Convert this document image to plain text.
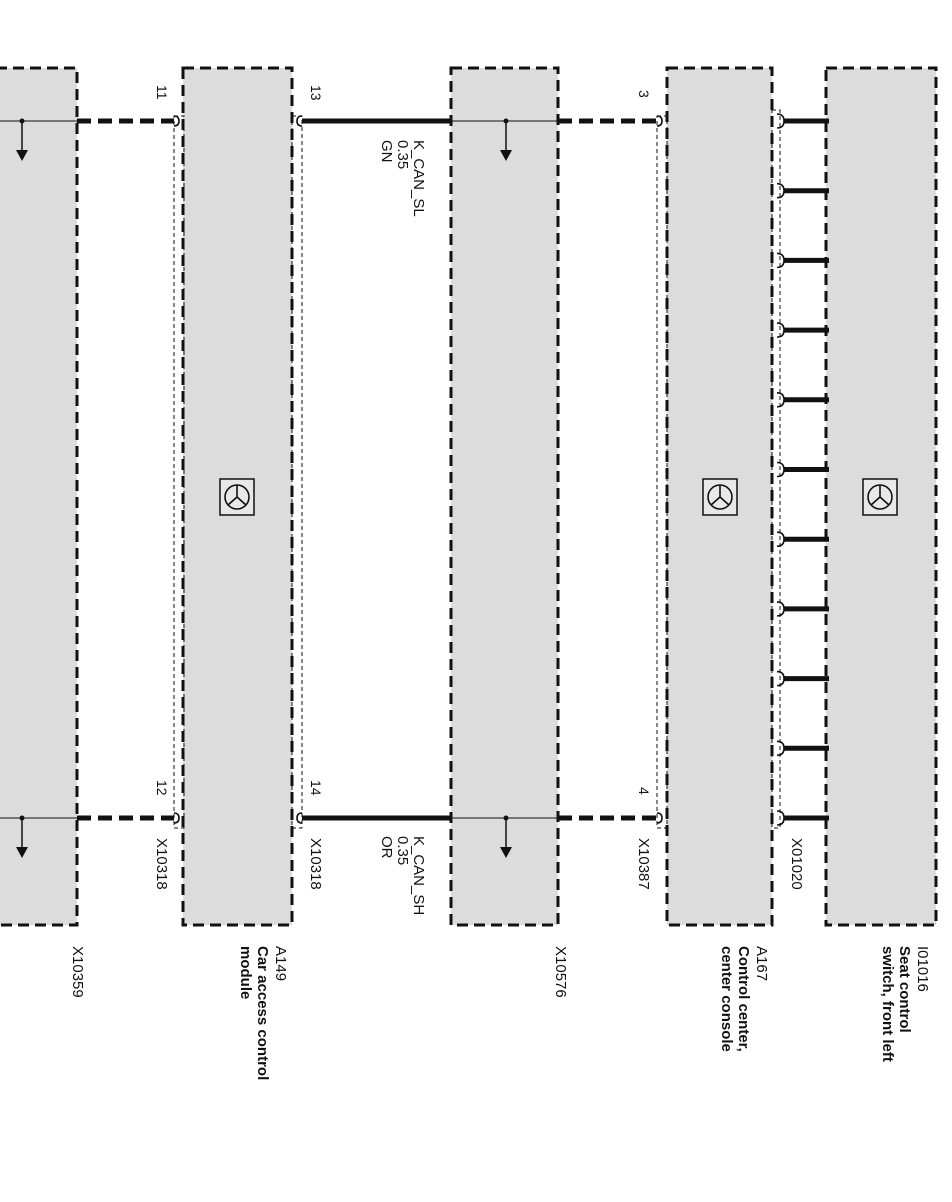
11
12
13
14
3
4
X10318	X10318	X10387	X01020
K_CAN_SL
0.35
GN
K_CAN_SH
0.35
OR
X10359	A149
Car access control
module	X10576	A167
Control center,
center console	I01016
Seat control
switch, front left
